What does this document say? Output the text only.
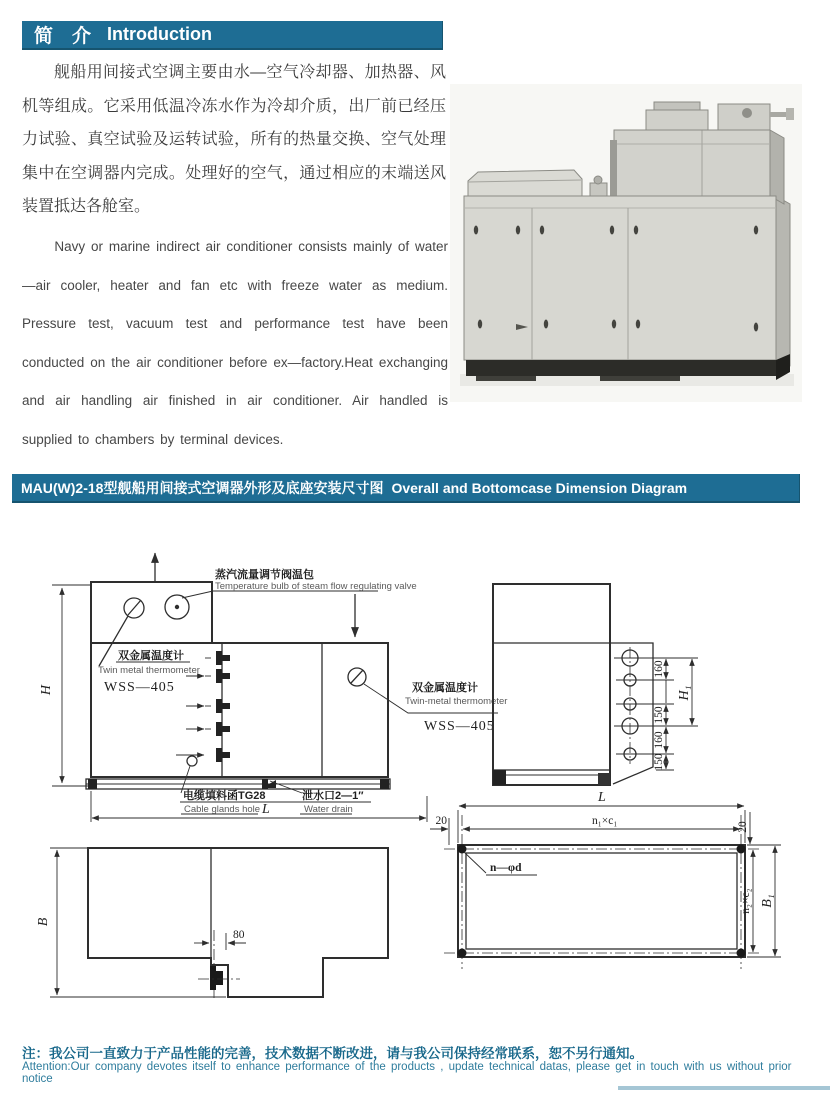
简　介 Introduction
舰船用间接式空调主要由水—空气冷却器、加热器、风机等组成。它采用低温冷冻水作为冷却介质，出厂前已经压力试验、真空试验及运转试验，所有的热量交换、空气处理集中在空调器内完成。处理好的空气，通过相应的末端送风装置抵达各舱室。
Navy or marine indirect air conditioner consists mainly of water—air cooler, heater and fan etc with freeze water as medium. Pressure test, vacuum test and performance test have been conducted on the air conditioner before ex—factory.Heat exchanging and air handling air finished in air conditioner. Air handled is supplied to chambers by terminal devices.
MAU(W)2-18型舰船用间接式空调器外形及底座安装尺寸图 Overall and Bottomcase Dimension Diagram
H
双金属温度计
Twin metal thermometer
WSS—405
蒸汽流量调节阀温包
Temperature bulb of steam flow regulating valve
双金属温度计
Twin-metal thermometer
WSS—405
电缆填料函TG28
Cable glands hole
泄水口2—1″
Water drain
L
160
150
160
150
H₁
B
80
L
n₁×c₁
20	20
n₂×c₂ B₁
n—φd
注：我公司一直致力于产品性能的完善，技术数据不断改进，请与我公司保持经常联系，恕不另行通知。
Attention:Our company devotes itself to enhance performance of the products , update technical datas, please get in touch with us without prior notice
